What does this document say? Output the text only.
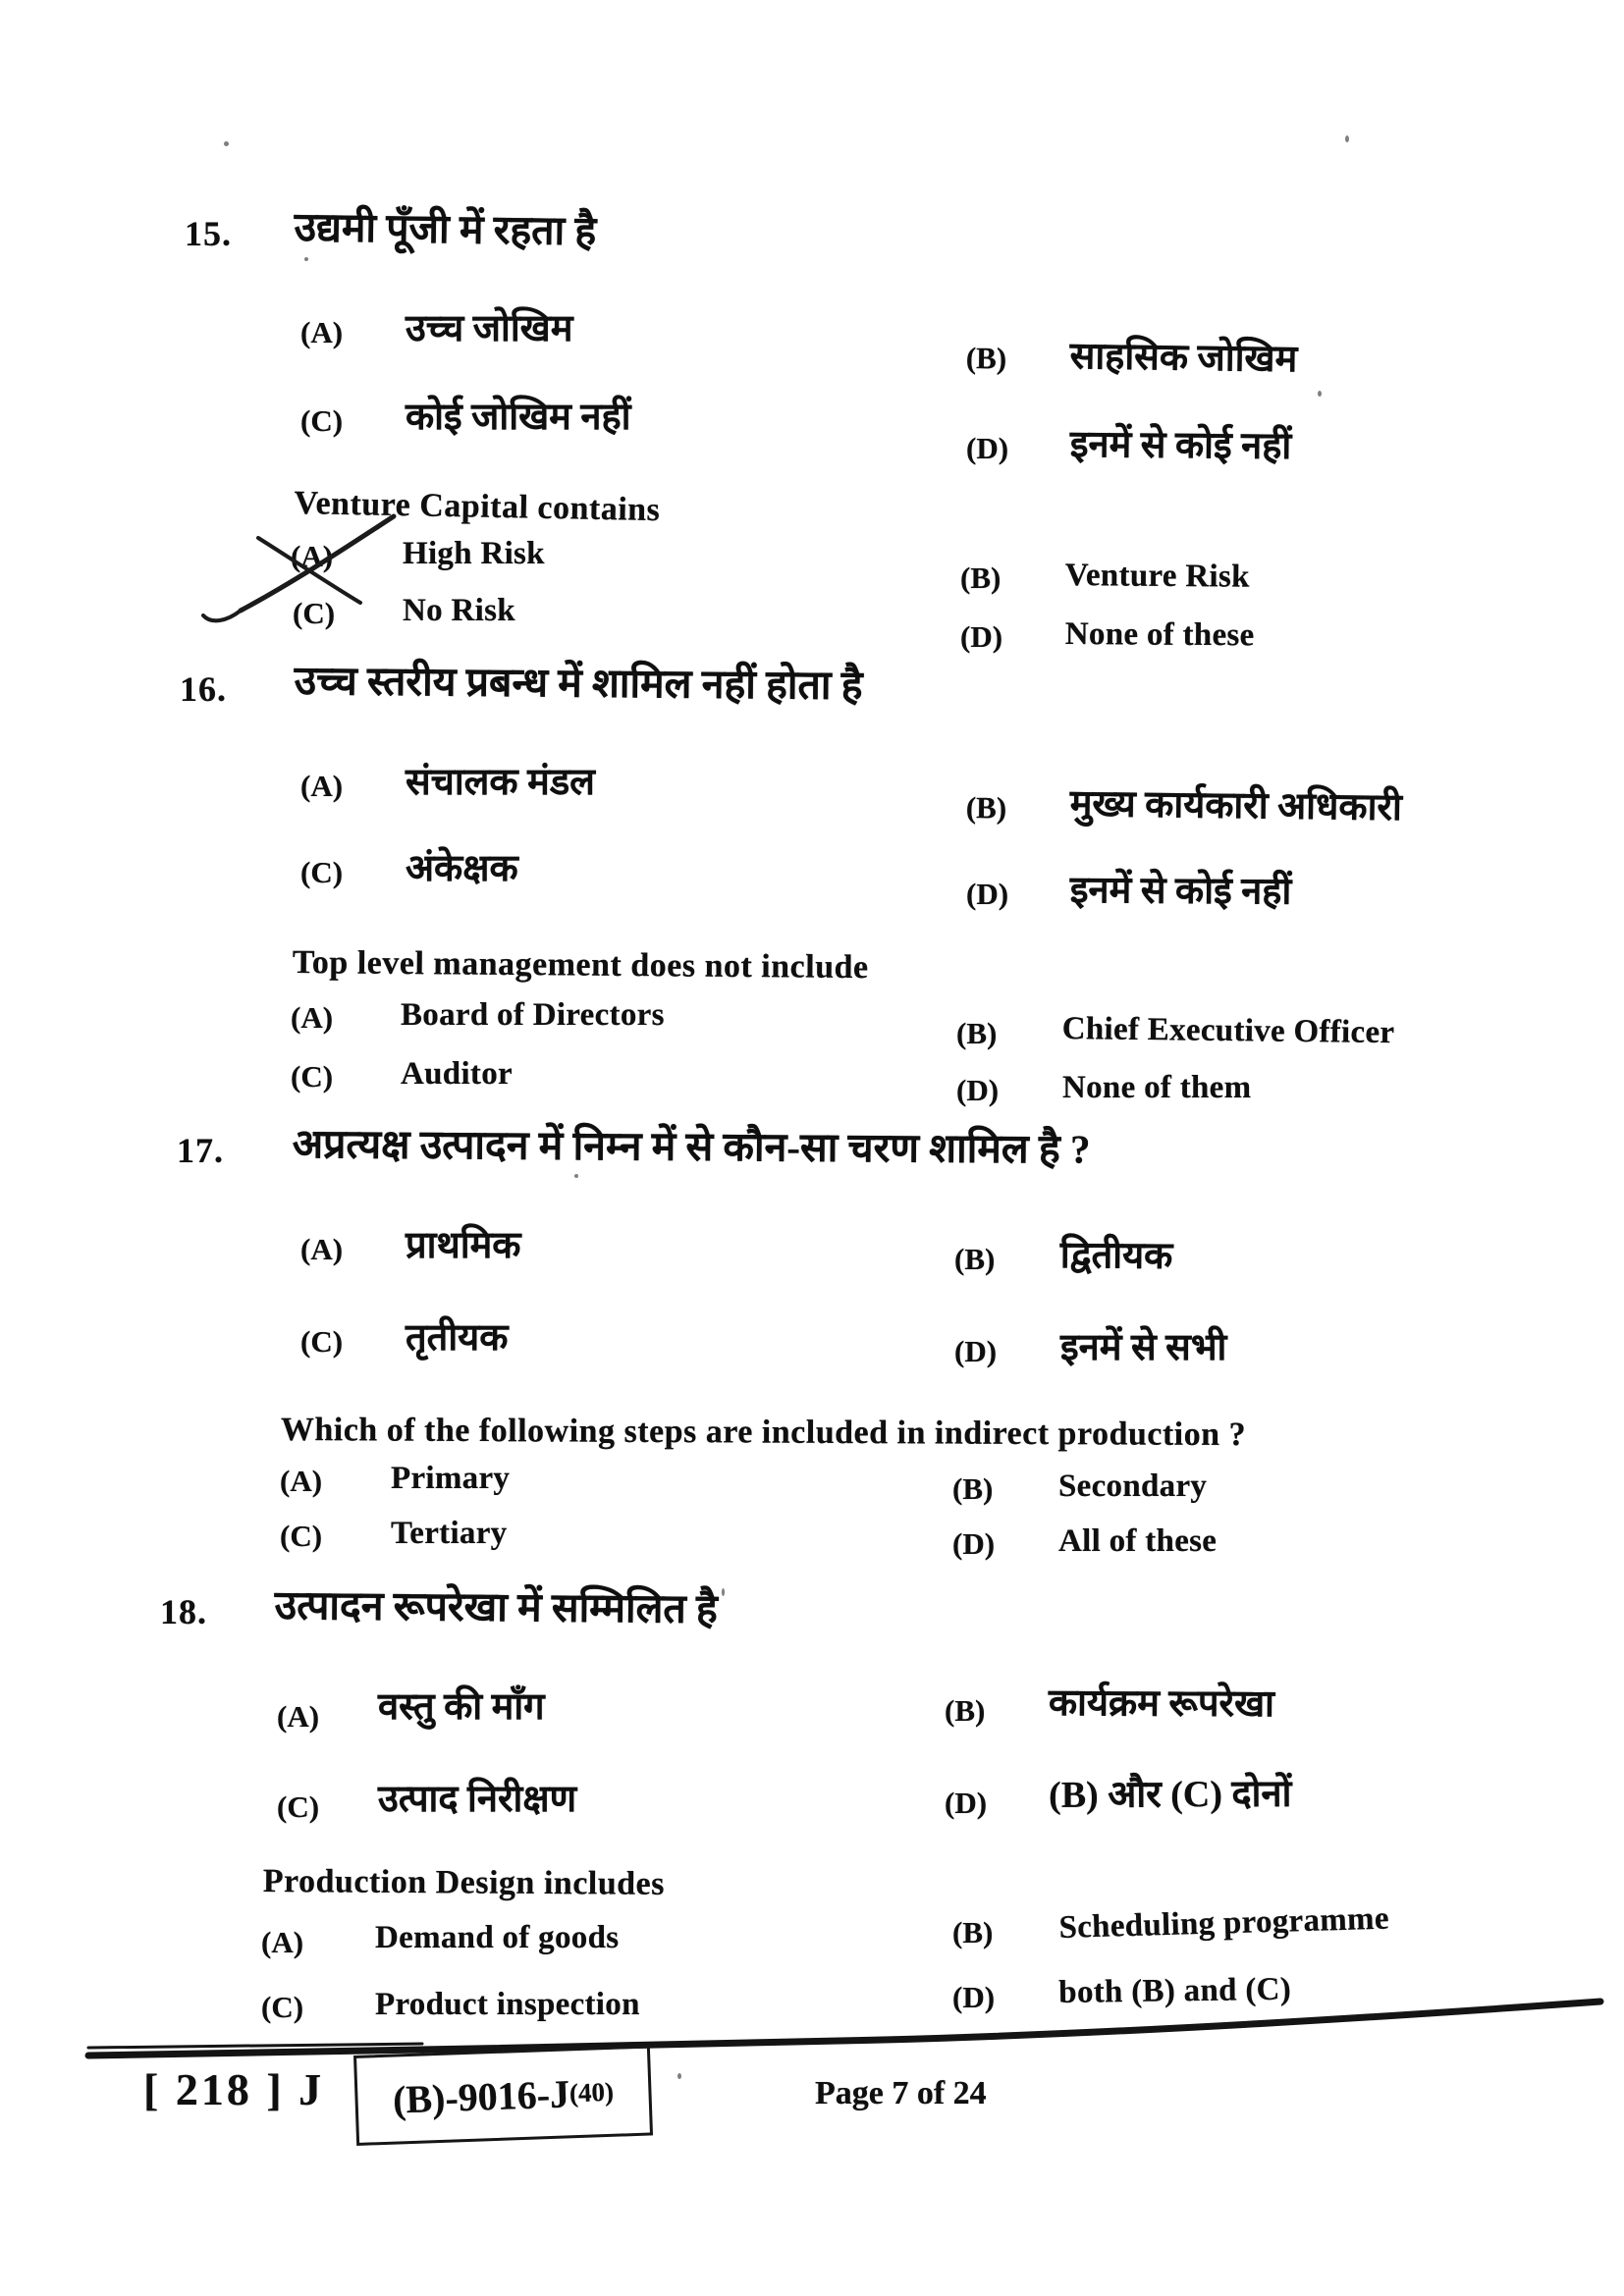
15. उद्यमी पूँजी में रहता है
(A) उच्च जोखिम
(B) साहसिक जोखिम
(C) कोई जोखिम नहीं
(D) इनमें से कोई नहीं
Venture Capital contains
(A) High Risk
(B) Venture Risk
(C) No Risk
(D) None of these
16. उच्च स्तरीय प्रबन्ध में शामिल नहीं होता है
(A) संचालक मंडल
(B) मुख्य कार्यकारी अधिकारी
(C) अंकेक्षक
(D) इनमें से कोई नहीं
Top level management does not include
(A) Board of Directors
(B) Chief Executive Officer
(C) Auditor	(D) None of them
17. अप्रत्यक्ष उत्पादन में निम्न में से कौन-सा चरण शामिल है ?
(A) प्राथमिक	(B) द्वितीयक
(C) तृतीयक	(D) इनमें से सभी
Which of the following steps are included in indirect production ?
(A) Primary	(B) Secondary
(C) Tertiary	(D) All of these
18. उत्पादन रूपरेखा में सम्मिलित है
(A) वस्तु की माँग	(B) कार्यक्रम रूपरेखा
(C) उत्पाद निरीक्षण	(D) (B) और (C) दोनों
Production Design includes
(A) Demand of goods	(B) Scheduling programme
(C) Product inspection	(D) both (B) and (C)
[ 218 ] J (B)-9016-J
(40)	Page 7 of 24
